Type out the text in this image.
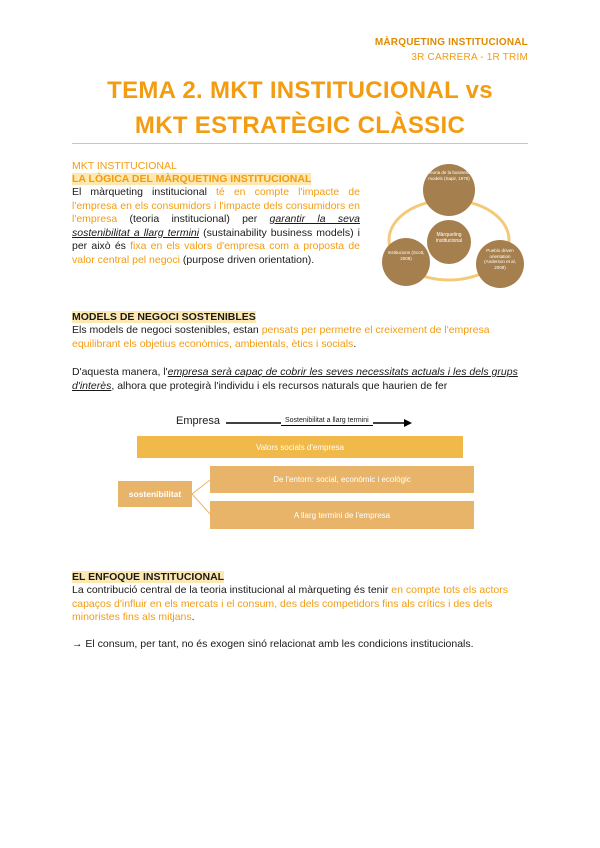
MÀRQUETING INSTITUCIONAL
3R CARRERA - 1R TRIM
TEMA 2. MKT INSTITUCIONAL vs
MKT ESTRATÈGIC CLÀSSIC
MKT INSTITUCIONAL
LA LÒGICA DEL MÀRQUETING INSTITUCIONAL
El màrqueting institucional té en compte l'impacte de l'empresa en els consumidors i l'impacte dels consumidors en l'empresa (teoria institucional) per garantir la seva sostenibilitat a llarg termini (sustainability business models) i per això és fixa en els valors d'empresa com a proposta de valor central pel negoci (purpose driven orientation).
Teoria de la business models (Sapir, 1978)
Institucions (Scott, 2008)
Pueblo driven orientation (Anderson et al, 2008)
Màrqueting institucional
MODELS DE NEGOCI SOSTENIBLES
Els models de negoci sostenibles, estan pensats per permetre el creixement de l'empresa equilibrant els objetius econòmics, ambientals, ètics i socials.
D'aquesta manera, l'empresa serà capaç de cobrir les seves necessitats actuals i les dels grups d'interès, alhora que protegirà l'individu i els recursos naturals que haurien de fer
Empresa	Sostenibilitat a llarg termini
Valors socials d'empresa
sostenibilitat
De l'entorn: social, econòmic i ecològic
A llarg termini de l'empresa
EL ENFOQUE INSTITUCIONAL
La contribució central de la teoria institucional al màrqueting és tenir en compte tots els actors capaços d'influir en els mercats i el consum, des dels competidors fins als crítics i des dels minoristes fins als mitjans.
→ El consum, per tant, no és exogen sinó relacionat amb les condicions institucionals.
